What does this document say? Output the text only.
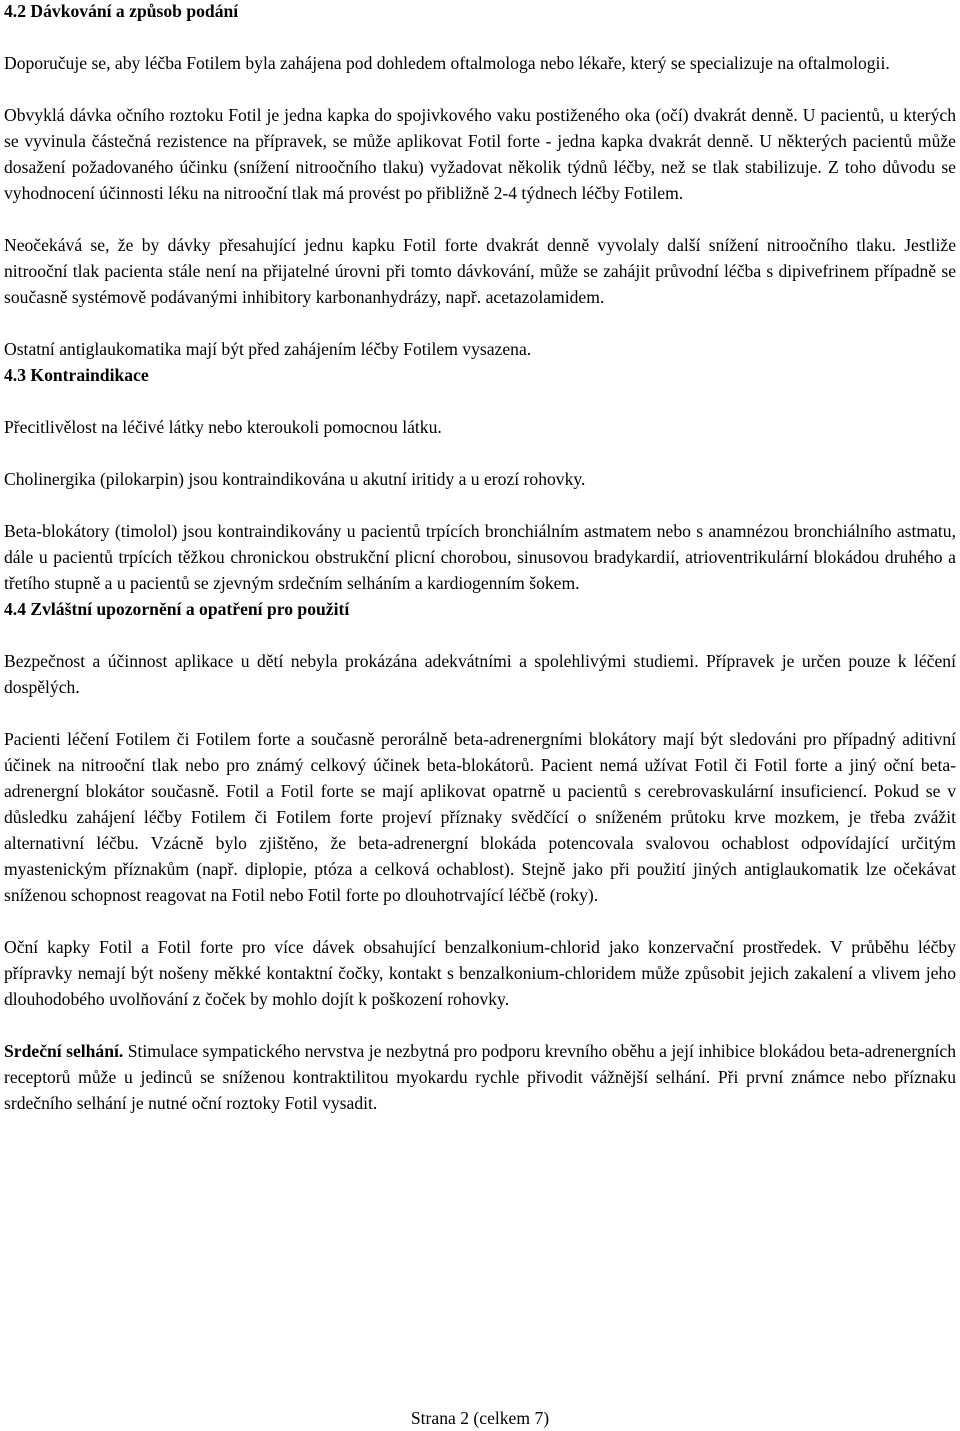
4.2 Dávkování a způsob podání

Doporučuje se, aby léčba Fotilem byla zahájena pod dohledem oftalmologa nebo lékaře, který se specializuje na oftalmologii.

Obvyklá dávka očního roztoku Fotil je jedna kapka do spojivkového vaku postiženého oka (očí) dvakrát denně. U pacientů, u kterých se vyvinula částečná rezistence na přípravek, se může aplikovat Fotil forte - jedna kapka dvakrát denně. U některých pacientů může dosažení požadovaného účinku (snížení nitroočního tlaku) vyžadovat několik týdnů léčby, než se tlak stabilizuje. Z toho důvodu se vyhodnocení účinnosti léku na nitrooční tlak má provést po přibližně 2-4 týdnech léčby Fotilem.

Neočekává se, že by dávky přesahující jednu kapku Fotil forte dvakrát denně vyvolaly další snížení nitroočního tlaku. Jestliže nitrooční tlak pacienta stále není na přijatelné úrovni při tomto dávkování, může se zahájit průvodní léčba s dipivefrinem případně se současně systémově podávanými inhibitory karbonanhydrázy, např. acetazolamidem.

Ostatní antiglaukomatika mají být před zahájením léčby Fotilem vysazena.

4.3 Kontraindikace

Přecitlivělost na léčivé látky nebo kteroukoli pomocnou látku.

Cholinergika (pilokarpin) jsou kontraindikována u akutní iritidy a u erozí rohovky.

Beta-blokátory (timolol) jsou kontraindikovány u pacientů trpících bronchiálním astmatem nebo s anamnézou bronchiálního astmatu, dále u pacientů trpících těžkou chronickou obstrukční plicní chorobou, sinusovou bradykardií, atrioventrikulární blokádou druhého a třetího stupně a u pacientů se zjevným srdečním selháním a kardiogenním šokem.

4.4 Zvláštní upozornění a opatření pro použití

Bezpečnost a účinnost aplikace u dětí nebyla prokázána adekvátními a spolehlivými studiemi. Přípravek je určen pouze k léčení dospělých.

Pacienti léčení Fotilem či Fotilem forte a současně perorálně beta-adrenergními blokátory mají být sledováni pro případný aditivní účinek na nitrooční tlak nebo pro známý celkový účinek beta-blokátorů. Pacient nemá užívat Fotil či Fotil forte a jiný oční beta-adrenergní blokátor současně. Fotil a Fotil forte se mají aplikovat opatrně u pacientů s cerebrovaskulární insuficiencí. Pokud se v důsledku zahájení léčby Fotilem či Fotilem forte projeví příznaky svědčící o sníženém průtoku krve mozkem, je třeba zvážit alternativní léčbu. Vzácně bylo zjištěno, že beta-adrenergní blokáda potencovala svalovou ochablost odpovídající určitým myastenickým příznakům (např. diplopie, ptóza a celková ochablost). Stejně jako při použití jiných antiglaukomatik lze očekávat sníženou schopnost reagovat na Fotil nebo Fotil forte po dlouhotrvající léčbě (roky).

Oční kapky Fotil a Fotil forte pro více dávek obsahující benzalkonium-chlorid jako konzervační prostředek. V průběhu léčby přípravky nemají být nošeny měkké kontaktní čočky, kontakt s benzalkonium-chloridem může způsobit jejich zakalení a vlivem jeho dlouhodobého uvolňování z čoček by mohlo dojít k poškození rohovky.

Srdeční selhání. Stimulace sympatického nervstva je nezbytná pro podporu krevního oběhu a její inhibice blokádou beta-adrenergních receptorů může u jedinců se sníženou kontraktilitou myokardu rychle přivodit vážnější selhání. Při první známce nebo příznaku srdečního selhání je nutné oční roztoky Fotil vysadit.

Strana 2 (celkem 7)
